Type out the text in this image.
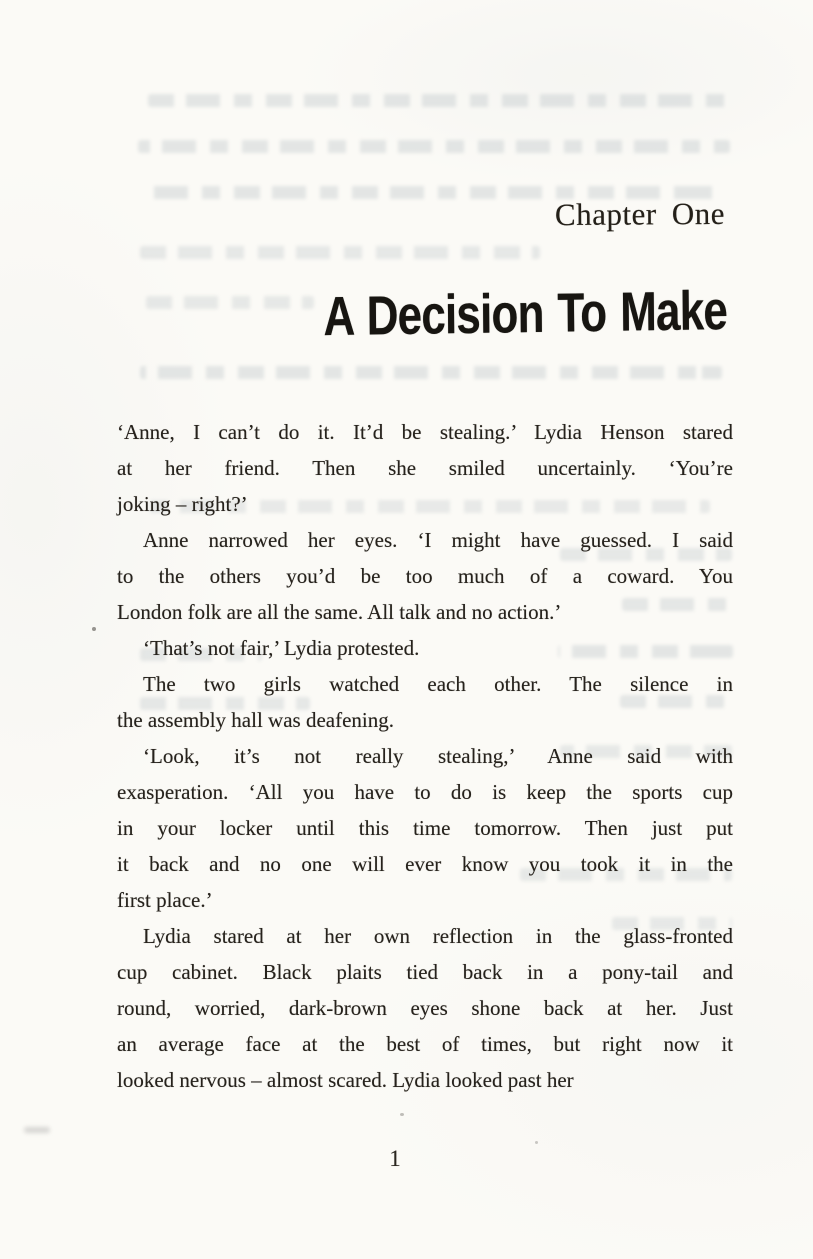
Chapter One
A Decision To Make
‘Anne, I can’t do it. It’d be stealing.’ Lydia Henson stared
at her friend. Then she smiled uncertainly. ‘You’re
joking – right?’
Anne narrowed her eyes. ‘I might have guessed. I said
to the others you’d be too much of a coward. You
London folk are all the same. All talk and no action.’
‘That’s not fair,’ Lydia protested.
The two girls watched each other. The silence in
the assembly hall was deafening.
‘Look, it’s not really stealing,’ Anne said with
exasperation. ‘All you have to do is keep the sports cup
in your locker until this time tomorrow. Then just put
it back and no one will ever know you took it in the
first place.’
Lydia stared at her own reflection in the glass-fronted
cup cabinet. Black plaits tied back in a pony-tail and
round, worried, dark-brown eyes shone back at her. Just
an average face at the best of times, but right now it
looked nervous – almost scared. Lydia looked past her
1
